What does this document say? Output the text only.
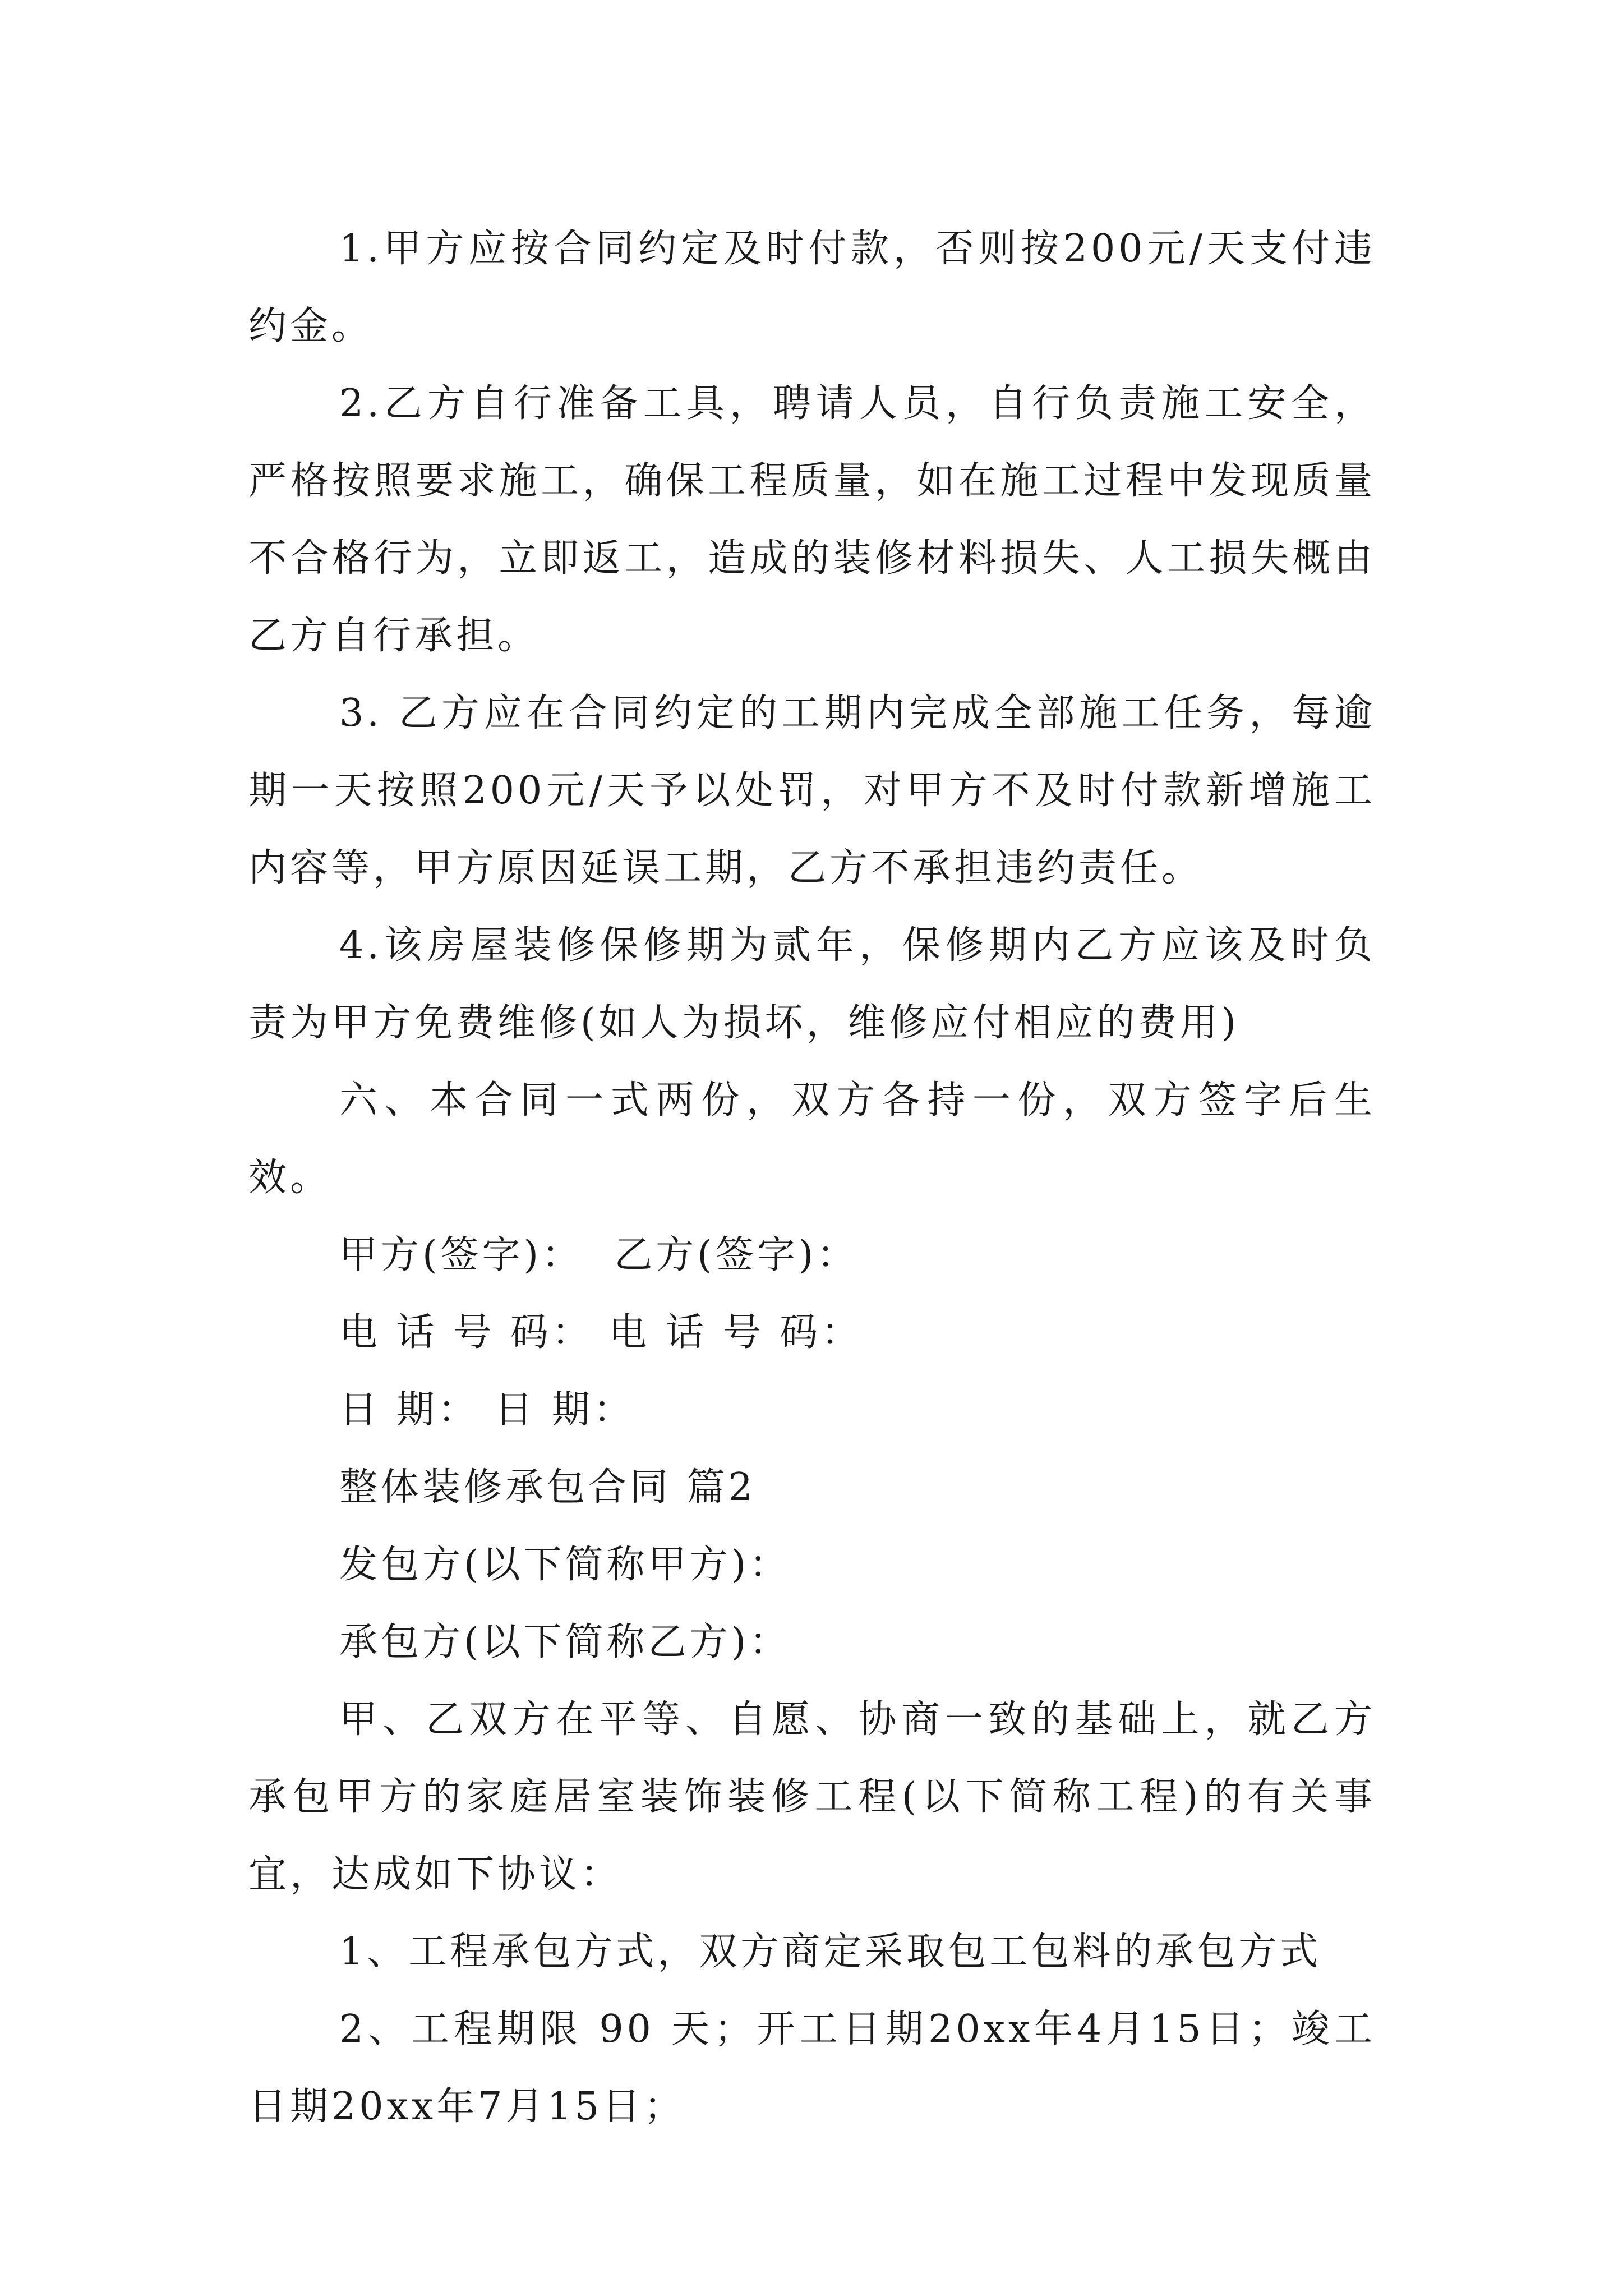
1.甲方应按合同约定及时付款，否则按200元/天支付违约金。

2.乙方自行准备工具，聘请人员，自行负责施工安全，严格按照要求施工，确保工程质量，如在施工过程中发现质量不合格行为，立即返工，造成的装修材料损失、人工损失概由乙方自行承担。

3. 乙方应在合同约定的工期内完成全部施工任务，每逾期一天按照200元/天予以处罚，对甲方不及时付款新增施工内容等，甲方原因延误工期，乙方不承担违约责任。

4.该房屋装修保修期为贰年，保修期内乙方应该及时负责为甲方免费维修(如人为损坏，维修应付相应的费用)

六、本合同一式两份，双方各持一份，双方签字后生效。

甲方(签字)：  乙方(签字)：

电 话 号 码： 电 话 号 码：

日 期： 日 期：

整体装修承包合同 篇2

发包方(以下简称甲方)：

承包方(以下简称乙方)：

甲、乙双方在平等、自愿、协商一致的基础上，就乙方承包甲方的家庭居室装饰装修工程(以下简称工程)的有关事宜，达成如下协议：

1、工程承包方式，双方商定采取包工包料的承包方式

2、工程期限 90 天；开工日期20xx年4月15日；竣工日期20xx年7月15日；
